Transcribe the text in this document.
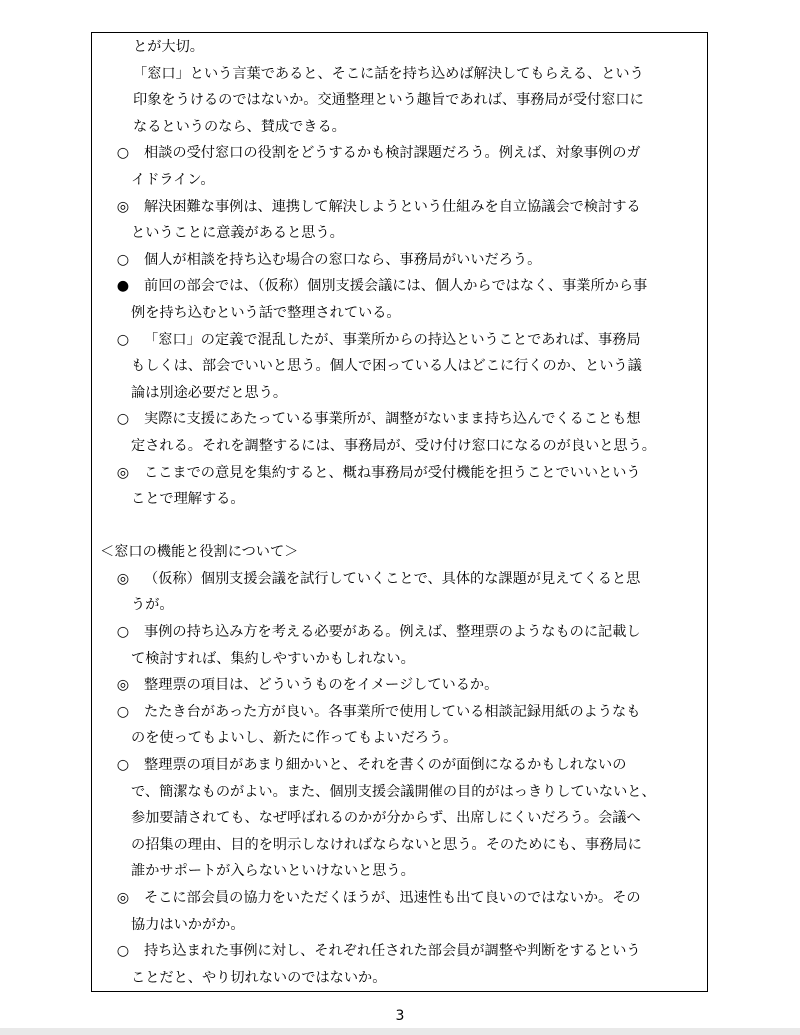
とが大切。
「窓口」という言葉であると、そこに話を持ち込めば解決してもらえる、という
印象をうけるのではないか。交通整理という趣旨であれば、事務局が受付窓口に
なるというのなら、賛成できる。
○ 相談の受付窓口の役割をどうするかも検討課題だろう。例えば、対象事例のガ
イドライン。
◎ 解決困難な事例は、連携して解決しようという仕組みを自立協議会で検討する
ということに意義があると思う。
○ 個人が相談を持ち込む場合の窓口なら、事務局がいいだろう。
● 前回の部会では、（仮称）個別支援会議には、個人からではなく、事業所から事
例を持ち込むという話で整理されている。
○ 「窓口」の定義で混乱したが、事業所からの持込ということであれば、事務局
もしくは、部会でいいと思う。個人で困っている人はどこに行くのか、という議
論は別途必要だと思う。
○ 実際に支援にあたっている事業所が、調整がないまま持ち込んでくることも想
定される。それを調整するには、事務局が、受け付け窓口になるのが良いと思う。
◎ ここまでの意見を集約すると、概ね事務局が受付機能を担うことでいいという
ことで理解する。
＜窓口の機能と役割について＞
◎ （仮称）個別支援会議を試行していくことで、具体的な課題が見えてくると思
うが。
○ 事例の持ち込み方を考える必要がある。例えば、整理票のようなものに記載し
て検討すれば、集約しやすいかもしれない。
◎ 整理票の項目は、どういうものをイメージしているか。
○ たたき台があった方が良い。各事業所で使用している相談記録用紙のようなも
のを使ってもよいし、新たに作ってもよいだろう。
○ 整理票の項目があまり細かいと、それを書くのが面倒になるかもしれないの
で、簡潔なものがよい。また、個別支援会議開催の目的がはっきりしていないと、
参加要請されても、なぜ呼ばれるのかが分からず、出席しにくいだろう。会議へ
の招集の理由、目的を明示しなければならないと思う。そのためにも、事務局に
誰かサポートが入らないといけないと思う。
◎ そこに部会員の協力をいただくほうが、迅速性も出て良いのではないか。その
協力はいかがか。
○ 持ち込まれた事例に対し、それぞれ任された部会員が調整や判断をするという
ことだと、やり切れないのではないか。
3
